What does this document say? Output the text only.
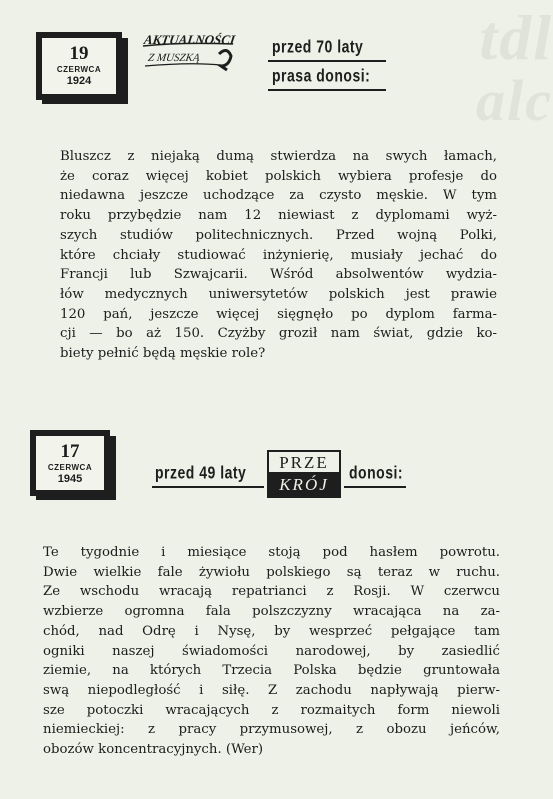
tdl
alc
19
CZERWCA
1924
AKTUALNOŚCI
Z MUSZKĄ
przed 70 laty
prasa donosi:

Bluszcz z niejaką dumą stwierdza na swych łamach,
że coraz więcej kobiet polskich wybiera profesje do
niedawna jeszcze uchodzące za czysto męskie. W tym
roku przybędzie nam 12 niewiast z dyplomami wyż-
szych studiów politechnicznych. Przed wojną Polki,
które chciały studiować inżynierię, musiały jechać do
Francji lub Szwajcarii. Wśród absolwentów wydzia-
łów medycznych uniwersytetów polskich jest prawie
120 pań, jeszcze więcej sięgnęło po dyplom farma-
cji — bo aż 150. Czyżby groził nam świat, gdzie ko-
biety pełnić będą męskie role?

17
CZERWCA
1945	przed 49 laty	PRZE
KRÓJ
donosi:

Te tygodnie i miesiące stoją pod hasłem powrotu.
Dwie wielkie fale żywiołu polskiego są teraz w ruchu.
Ze wschodu wracają repatrianci z Rosji. W czerwcu
wzbierze ogromna fala polszczyzny wracająca na za-
chód, nad Odrę i Nysę, by wesprzeć pełgające tam
ogniki naszej świadomości narodowej, by zasiedlić
ziemie, na których Trzecia Polska będzie gruntowała
swą niepodległość i siłę. Z zachodu napływają pierw-
sze potoczki wracających z rozmaitych form niewoli
niemieckiej: z pracy przymusowej, z obozu jeńców,
obozów koncentracyjnych. (Wer)
